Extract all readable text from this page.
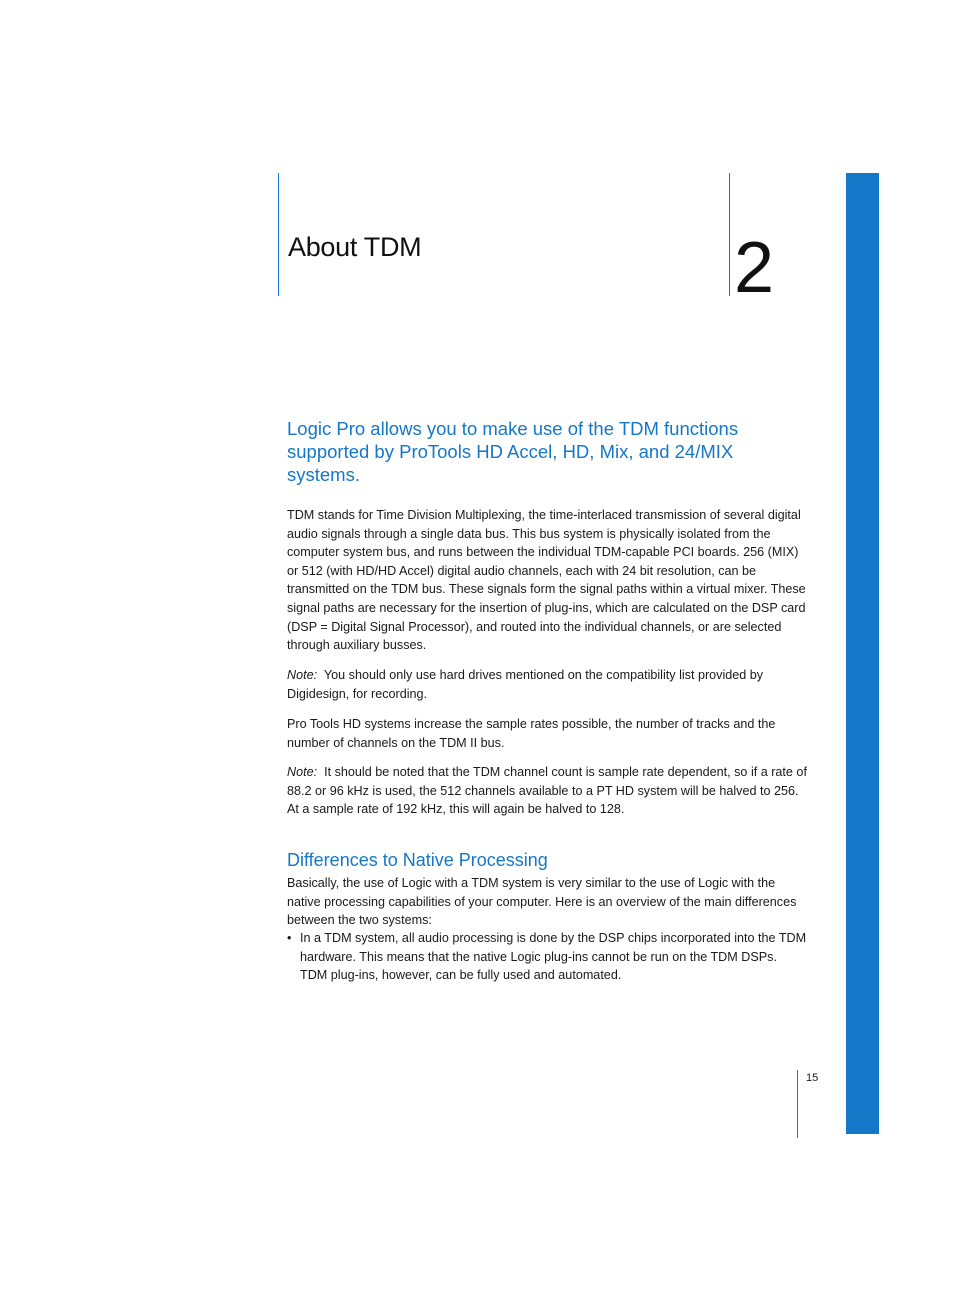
About TDM	2
Logic Pro allows you to make use of the TDM functions supported by ProTools HD Accel, HD, Mix, and 24/MIX systems.

TDM stands for Time Division Multiplexing, the time-interlaced transmission of several digital audio signals through a single data bus. This bus system is physically isolated from the computer system bus, and runs between the individual TDM-capable PCI boards. 256 (MIX) or 512 (with HD/HD Accel) digital audio channels, each with 24 bit resolution, can be transmitted on the TDM bus. These signals form the signal paths within a virtual mixer. These signal paths are necessary for the insertion of plug-ins, which are calculated on the DSP card (DSP = Digital Signal Processor), and routed into the individual channels, or are selected through auxiliary busses.

Note: You should only use hard drives mentioned on the compatibility list provided by Digidesign, for recording.

Pro Tools HD systems increase the sample rates possible, the number of tracks and the number of channels on the TDM II bus.

Note: It should be noted that the TDM channel count is sample rate dependent, so if a rate of 88.2 or 96 kHz is used, the 512 channels available to a PT HD system will be halved to 256. At a sample rate of 192 kHz, this will again be halved to 128.

Differences to Native Processing

Basically, the use of Logic with a TDM system is very similar to the use of Logic with the native processing capabilities of your computer. Here is an overview of the main differences between the two systems:

• In a TDM system, all audio processing is done by the DSP chips incorporated into the TDM hardware. This means that the native Logic plug-ins cannot be run on the TDM DSPs. TDM plug-ins, however, can be fully used and automated.
15
